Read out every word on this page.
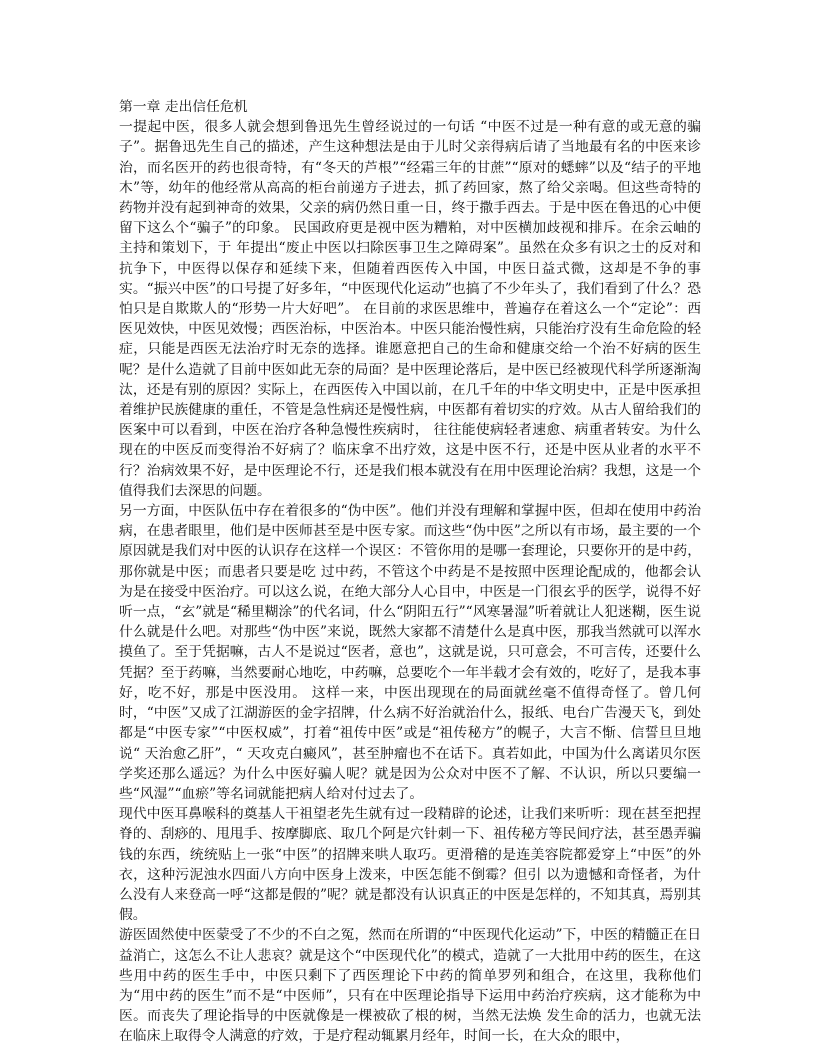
第一章 走出信任危机

一提起中医，很多人就会想到鲁迅先生曾经说过的一句话 “中医不过是一种有意的或无意的骗子”。据鲁迅先生自己的描述，产生这种想法是由于儿时父亲得病后请了当地最有名的中医来诊治，而名医开的药也很奇特，有“冬天的芦根”“经霜三年的甘蔗”“原对的蟋蟀”以及“结子的平地木”等，幼年的他经常从高高的柜台前递方子进去，抓了药回家，熬了给父亲喝。但这些奇特的药物并没有起到神奇的效果，父亲的病仍然日重一日，终于撒手西去。于是中医在鲁迅的心中便留下这么个“骗子”的印象。 民国政府更是视中医为糟粕，对中医横加歧视和排斥。在余云岫的主持和策划下，于 年提出“废止中医以扫除医事卫生之障碍案”。虽然在众多有识之士的反对和抗争下，中医得以保存和延续下来，但随着西医传入中国，中医日益式微，这却是不争的事实。“振兴中医”的口号提了好多年，“中医现代化运动”也搞了不少年头了，我们看到了什么？恐怕只是自欺欺人的“形势一片大好吧”。 在目前的求医思维中，普遍存在着这么一个“定论”：西医见效快，中医见效慢；西医治标，中医治本。中医只能治慢性病，只能治疗没有生命危险的轻症，只能是西医无法治疗时无奈的选择。谁愿意把自己的生命和健康交给一个治不好病的医生呢？是什么造就了目前中医如此无奈的局面？是中医理论落后，是中医已经被现代科学所逐渐淘汰，还是有别的原因？实际上，在西医传入中国以前，在几千年的中华文明史中，正是中医承担着维护民族健康的重任，不管是急性病还是慢性病，中医都有着切实的疗效。从古人留给我们的医案中可以看到，中医在治疗各种急慢性疾病时， 往往能使病轻者速愈、病重者转安。为什么现在的中医反而变得治不好病了？临床拿不出疗效，这是中医不行，还是中医从业者的水平不行？治病效果不好，是中医理论不行，还是我们根本就没有在用中医理论治病？我想，这是一个值得我们去深思的问题。

另一方面，中医队伍中存在着很多的“伪中医”。他们并没有理解和掌握中医，但却在使用中药治病，在患者眼里，他们是中医师甚至是中医专家。而这些“伪中医”之所以有市场，最主要的一个原因就是我们对中医的认识存在这样一个误区：不管你用的是哪一套理论，只要你开的是中药，那你就是中医；而患者只要是吃 过中药，不管这个中药是不是按照中医理论配成的，他都会认为是在接受中医治疗。可以这么说，在绝大部分人心目中，中医是一门很玄乎的医学，说得不好听一点，“玄”就是“稀里糊涂”的代名词，什么“阴阳五行”“风寒暑湿”听着就让人犯迷糊，医生说什么就是什么吧。对那些“伪中医”来说，既然大家都不清楚什么是真中医，那我当然就可以浑水摸鱼了。至于凭据嘛，古人不是说过“医者，意也”，这就是说，只可意会，不可言传，还要什么凭据？至于药嘛，当然要耐心地吃，中药嘛，总要吃个一年半载才会有效的，吃好了，是我本事好，吃不好，那是中医没用。 这样一来，中医出现现在的局面就丝毫不值得奇怪了。曾几何时，“中医”又成了江湖游医的金字招牌，什么病不好治就治什么，报纸、电台广告漫天飞，到处都是“中医专家”“中医权威”，打着“祖传中医”或是“祖传秘方”的幌子，大言不惭、信誓旦旦地说“ 天治愈乙肝”，“ 天攻克白癜风”，甚至肿瘤也不在话下。真若如此，中国为什么离诺贝尔医学奖还那么遥远？为什么中医好骗人呢？就是因为公众对中医不了解、不认识，所以只要编一些“风湿”“血瘀”等名词就能把病人给对付过去了。

现代中医耳鼻喉科的奠基人干祖望老先生就有过一段精辟的论述，让我们来听听：现在甚至把捏脊的、刮痧的、甩甩手、按摩脚底、取几个阿是穴针刺一下、祖传秘方等民间疗法，甚至愚弄骗钱的东西，统统贴上一张“中医”的招牌来哄人取巧。更滑稽的是连美容院都爱穿上“中医”的外衣，这种污泥浊水四面八方向中医身上泼来，中医怎能不倒霉？但引 以为遗憾和奇怪者，为什么没有人来登高一呼“这都是假的”呢？就是都没有认识真正的中医是怎样的，不知其真，焉别其假。

游医固然使中医蒙受了不少的不白之冤，然而在所谓的“中医现代化运动”下，中医的精髓正在日益消亡，这怎么不让人悲哀？就是这个“中医现代化”的模式，造就了一大批用中药的医生，在这些用中药的医生手中，中医只剩下了西医理论下中药的简单罗列和组合，在这里，我称他们为“用中药的医生”而不是“中医师”，只有在中医理论指导下运用中药治疗疾病，这才能称为中医。而丧失了理论指导的中医就像是一棵被砍了根的树，当然无法焕 发生命的活力，也就无法在临床上取得令人满意的疗效，于是疗程动辄累月经年，时间一长，在大众的眼中，
